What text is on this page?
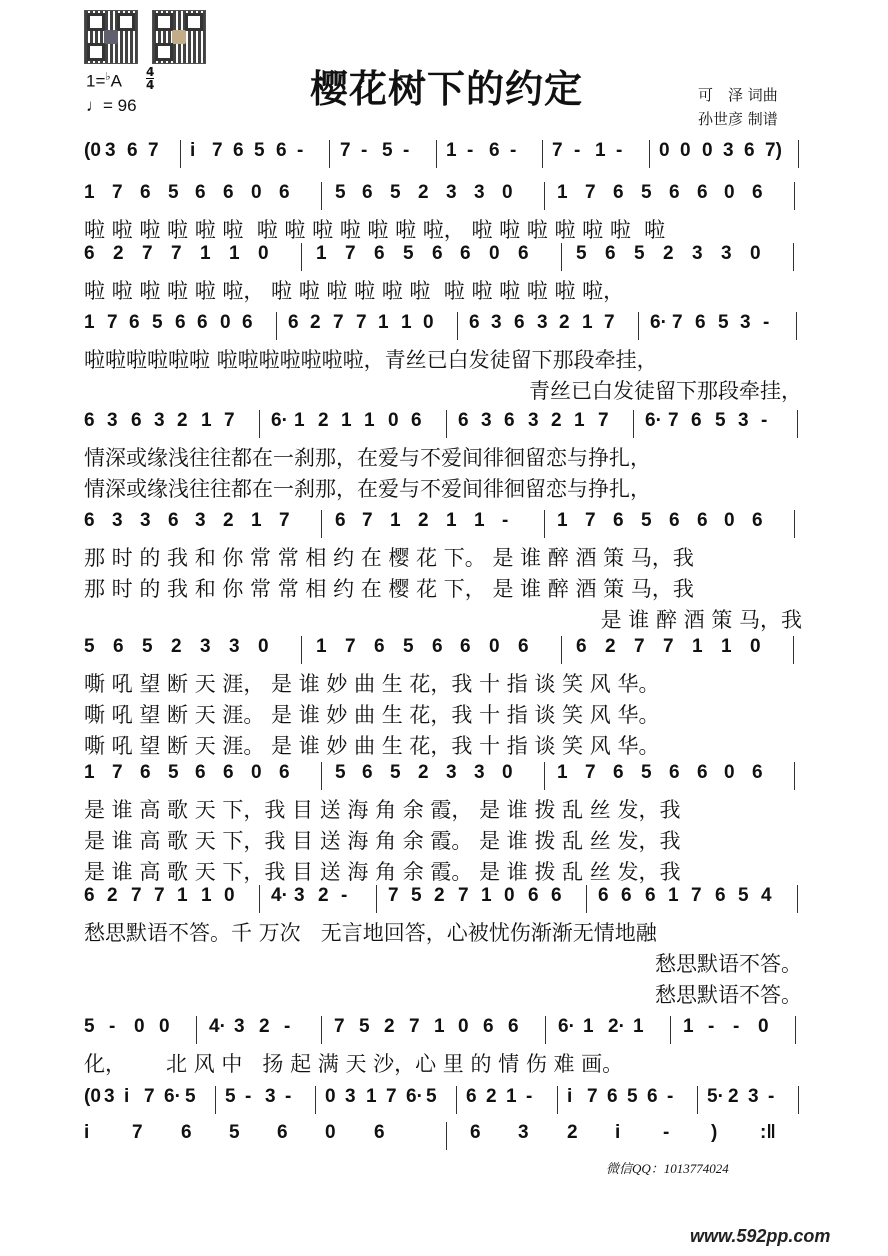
1=♭A 4
4
♩= 96	樱花树下的约定	可　泽 词曲
孙世彦 制谱
(0 3 6 7 i 7 6 5 6 - 7 - 5 - 1 - 6 - 7 - 1 - 0 0 0 3 6 7)
1 7 6 5 6 6 0 6 5 6 5 2 3 3 0 1 7 6 5 6 6 0 6
啦 啦 啦 啦 啦 啦  啦 啦 啦 啦 啦 啦 啦， 啦 啦 啦 啦 啦 啦  啦
6 2 7 7 1 1 0 1 7 6 5 6 6 0 6 5 6 5 2 3 3 0
啦 啦 啦 啦 啦 啦， 啦 啦 啦 啦 啦 啦  啦 啦 啦 啦 啦 啦，
1 7 6 5 6 6 0 6 6 2 7 7 1 1 0 6 3 6 3 2 1 7 6· 7 6 5 3 -
啦啦啦啦啦啦 啦啦啦啦啦啦啦，青丝已白发徒留下那段牵挂，
青丝已白发徒留下那段牵挂，
6 3 6 3 2 1 7 6· 1 2 1 1 0 6 6 3 6 3 2 1 7 6· 7 6 5 3 -
情深或缘浅往往都在一刹那，在爱与不爱间徘徊留恋与挣扎，
情深或缘浅往往都在一刹那，在爱与不爱间徘徊留恋与挣扎，
6 3 3 6 3 2 1 7 6 7 1 2 1 1 -	1 7 6 5 6 6 0 6
那 时 的 我 和 你 常 常 相 约 在 樱 花 下。 是 谁 醉 酒 策 马，我
那 时 的 我 和 你 常 常 相 约 在 樱 花 下， 是 谁 醉 酒 策 马，我
是 谁 醉 酒 策 马，我
5 6 5 2 3 3 0 1 7 6 5 6 6 0 6 6 2 7 7 1 1 0
嘶 吼 望 断 天 涯， 是 谁 妙 曲 生 花，我 十 指 谈 笑 风 华。
嘶 吼 望 断 天 涯。 是 谁 妙 曲 生 花，我 十 指 谈 笑 风 华。
嘶 吼 望 断 天 涯。 是 谁 妙 曲 生 花，我 十 指 谈 笑 风 华。
1 7 6 5 6 6 0 6 5 6 5 2 3 3 0 1 7 6 5 6 6 0 6
是 谁 高 歌 天 下，我 目 送 海 角 余 霞， 是 谁 拨 乱 丝 发，我
是 谁 高 歌 天 下，我 目 送 海 角 余 霞。 是 谁 拨 乱 丝 发，我
是 谁 高 歌 天 下，我 目 送 海 角 余 霞。 是 谁 拨 乱 丝 发，我
6 2 7 7 1 1 0 4· 3 2 - 7 5 2 7 1 0 6 6 6 6 6 1 7 6 5 4
愁思默语不答。千 万次   无言地回答，心被忧伤渐渐无情地融
愁思默语不答。
愁思默语不答。
5 - 0 0 4· 3 2 - 7 5 2 7 1 0 6 6 6· 1 2· 1 1 - - 0
化，      北 风 中   扬 起 满 天 沙，心 里 的 情 伤 难 画。
(0 3 i 7 6· 5 5 - 3 - 0 3 1 7 6· 5 6 2 1 - i 7 6 5 6 - 5· 2 3 -
i 7 6 5 6 0 6	6 3 2 i - ) :‖
微信QQ：1013774024
www.592pp.com
